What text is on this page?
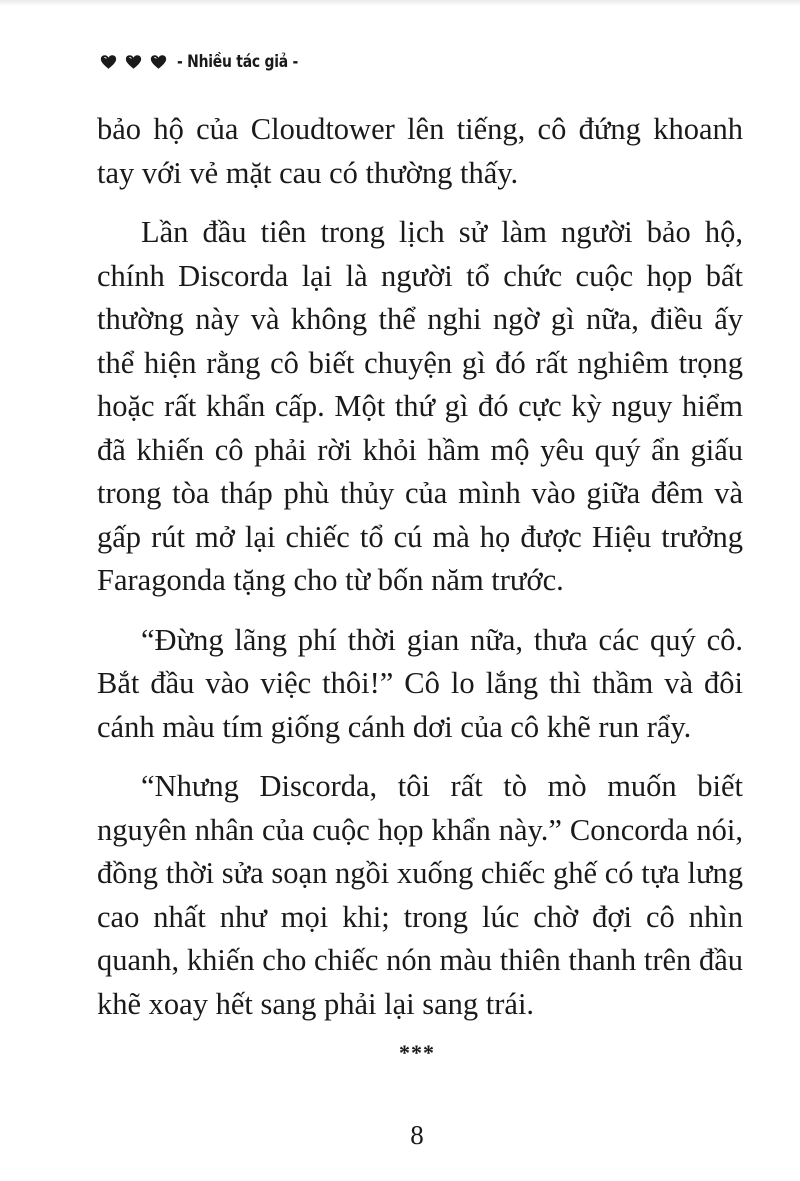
- Nhiều tác giả -

bảo hộ của Cloudtower lên tiếng, cô đứng khoanh tay với vẻ mặt cau có thường thấy.

Lần đầu tiên trong lịch sử làm người bảo hộ, chính Discorda lại là người tổ chức cuộc họp bất thường này và không thể nghi ngờ gì nữa, điều ấy thể hiện rằng cô biết chuyện gì đó rất nghiêm trọng hoặc rất khẩn cấp. Một thứ gì đó cực kỳ nguy hiểm đã khiến cô phải rời khỏi hầm mộ yêu quý ẩn giấu trong tòa tháp phù thủy của mình vào giữa đêm và gấp rút mở lại chiếc tổ cú mà họ được Hiệu trưởng Faragonda tặng cho từ bốn năm trước.

“Đừng lãng phí thời gian nữa, thưa các quý cô. Bắt đầu vào việc thôi!” Cô lo lắng thì thầm và đôi cánh màu tím giống cánh dơi của cô khẽ run rẩy.

“Nhưng Discorda, tôi rất tò mò muốn biết nguyên nhân của cuộc họp khẩn này.” Concorda nói, đồng thời sửa soạn ngồi xuống chiếc ghế có tựa lưng cao nhất như mọi khi; trong lúc chờ đợi cô nhìn quanh, khiến cho chiếc nón màu thiên thanh trên đầu khẽ xoay hết sang phải lại sang trái.

***
8
